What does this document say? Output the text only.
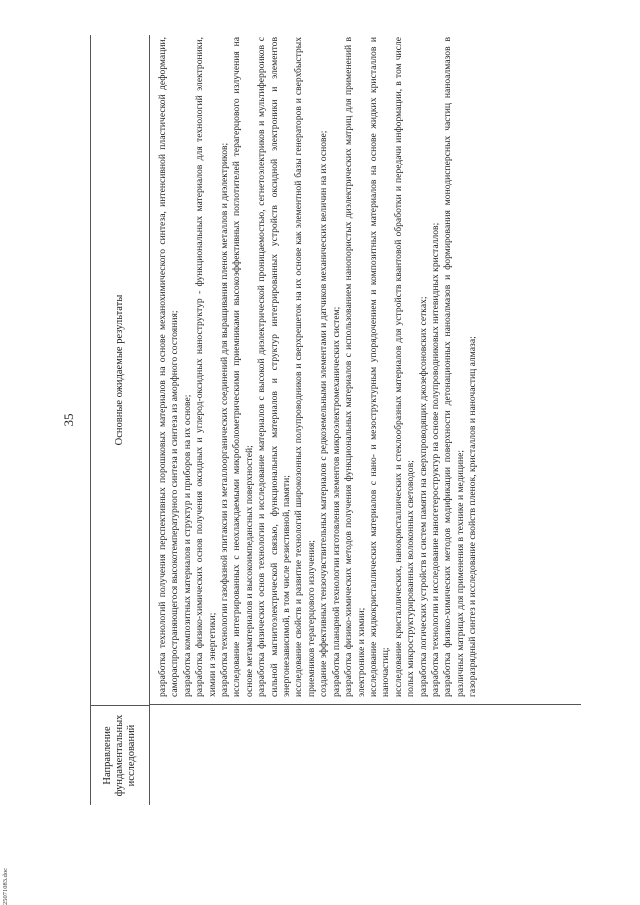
35
Направление фундаментальных исследований
Основные ожидаемые результаты	разработка технологий получения перспективных порошковых материалов на основе механохимического синтеза, интенсивной пластической деформации, самораспространяющегося высокотемпературного синтеза и синтеза из аморфного состояния; разработка композитных материалов и структур и приборов на их основе; разработка физико-химических основ получения оксидных и углерод-оксидных наноструктур - функциональных материалов для технологий электроники, химии и энергетики; разработка технологии газофазной эпитаксии из металлоорганических соединений для выращивания пленок металлов и диэлектриков; исследование интегрированных с неохлаждаемыми микроболометрическими приемниками высокоэффективных поглотителей терагерцового излучения на основе метаматериалов и высокоимпедансных поверхностей; разработка физических основ технологии и исследование материалов с высокой диэлектрической проницаемостью, сегнетоэлектриков и мультиферроиков с сильной магнитоэлектрической связью, функциональных материалов и структур интегрированных устройств оксидной электроники и элементов энергонезависимой, в том числе резистивной, памяти; исследование свойств и развитие технологий широкозонных полупроводников и сверхрешеток на их основе как элементной базы генераторов и сверхбыстрых приемников терагерцового излучения; создание эффективных тензочувствительных материалов с редкоземельными элементами и датчиков механических величин на их основе; разработка планарной технологии изготовления элементов микроэлектромеханических систем; разработка физико-химических методов получения функциональных материалов с использованием нанопористых диэлектрических матриц для применений в электронике и химии; исследование жидкокристаллических материалов с нано- и мезоструктурным упорядочением и композитных материалов на основе жидких кристаллов и наночастиц; исследование кристаллических, нанокристаллических и стеклообразных материалов для устройств квантовой обработки и передачи информации, в том числе полых микроструктурированных волоконных световодов; разработка логических устройств и систем памяти на сверхпроводящих джозефсоновских сетках; разработка технологии и исследование наногетероструктур на основе полупроводниковых нитевидных кристаллов; разработка физико-химических методов модификации поверхности детонационных наноалмазов и формирования монодисперсных частиц наноалмазов в различных матрицах для применения в технике и медицине; газоразрядный синтез и исследование свойств пленок, кристаллов и наночастиц алмаза;
25071083.doc
